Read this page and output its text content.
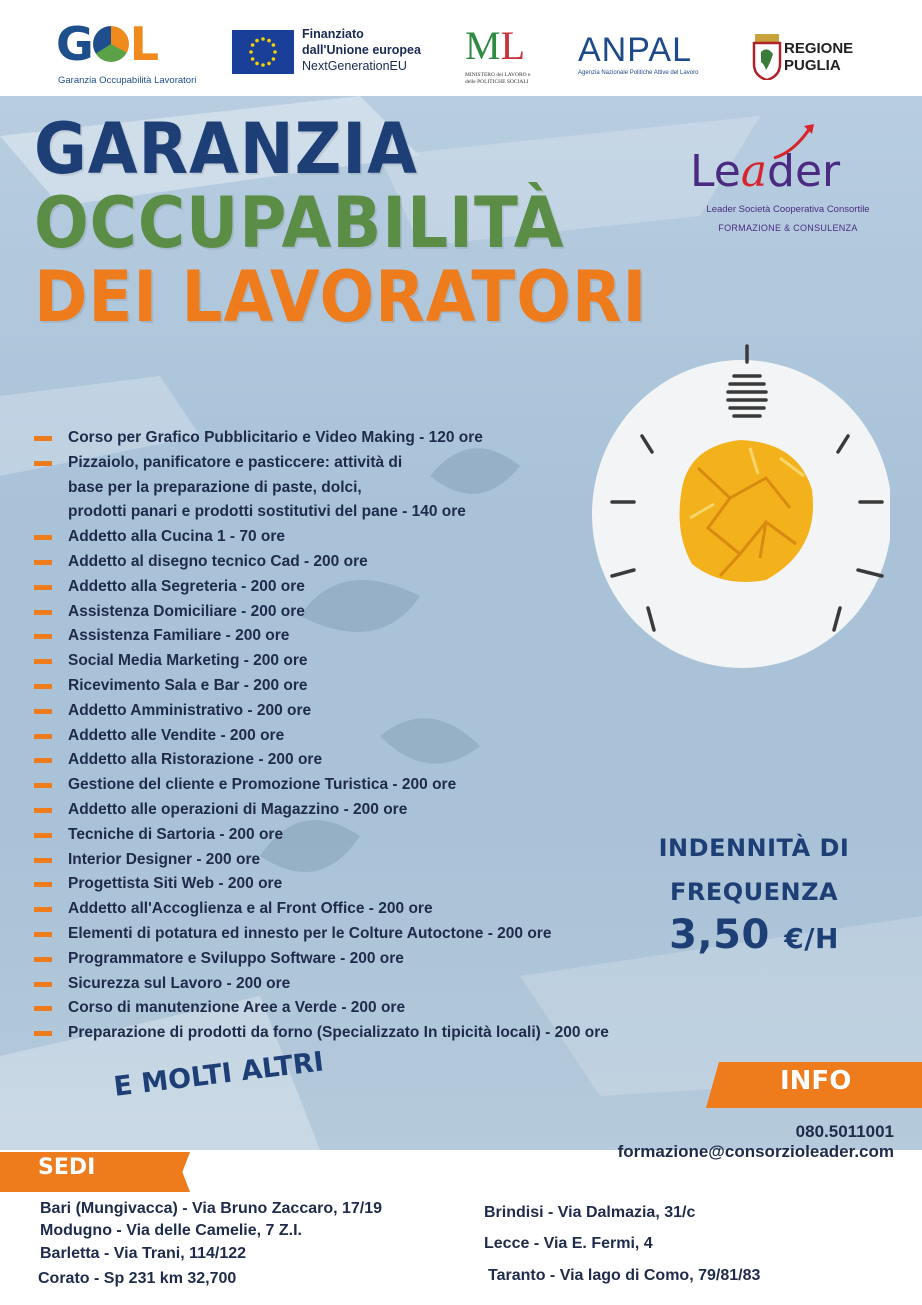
G L
Garanzia Occupabilità Lavoratori
Finanziato
dall'Unione europea
NextGenerationEU	ML
MINISTERO del LAVORO e delle POLITICHE SOCIALI
ANPAL
Agenzia Nazionale Politiche Attive del Lavoro
REGIONE
PUGLIA
GARANZIA
OCCUPABILITÀ
DEI LAVORATORI
Leader
Leader Società Cooperativa Consortile
FORMAZIONE & CONSULENZA
Corso per Grafico Pubblicitario e Video Making - 120 ore
Pizzaiolo, panificatore e pasticcere: attività di
base per la preparazione di paste, dolci,
prodotti panari e prodotti sostitutivi del pane - 140 ore
Addetto alla Cucina 1 - 70 ore
Addetto al disegno tecnico Cad - 200 ore
Addetto alla Segreteria - 200 ore
Assistenza Domiciliare - 200 ore
Assistenza Familiare - 200 ore
Social Media Marketing - 200 ore
Ricevimento Sala e Bar - 200 ore
Addetto Amministrativo - 200 ore
Addetto alle Vendite - 200 ore
Addetto alla Ristorazione - 200 ore
Gestione del cliente e Promozione Turistica - 200 ore
Addetto alle operazioni di Magazzino - 200 ore
Tecniche di Sartoria - 200 ore
Interior Designer - 200 ore
Progettista Siti Web - 200 ore
Addetto all'Accoglienza e al Front Office - 200 ore
Elementi di potatura ed innesto per le Colture Autoctone - 200 ore
Programmatore e Sviluppo Software - 200 ore
Sicurezza sul Lavoro - 200 ore
Corso di manutenzione Aree a Verde - 200 ore
Preparazione di prodotti da forno (Specializzato In tipicità locali) - 200 ore
INDENNITÀ DI
FREQUENZA
3,50 €/H
E MOLTI ALTRI	INFO
080.5011001
formazione@consorzioleader.com
SEDI
Bari (Mungivacca) - Via Bruno Zaccaro, 17/19
Modugno - Via delle Camelie, 7 Z.I.
Barletta - Via Trani, 114/122
Corato - Sp 231 km 32,700
Brindisi - Via Dalmazia, 31/c
Lecce - Via E. Fermi, 4
Taranto - Via lago di Como, 79/81/83
